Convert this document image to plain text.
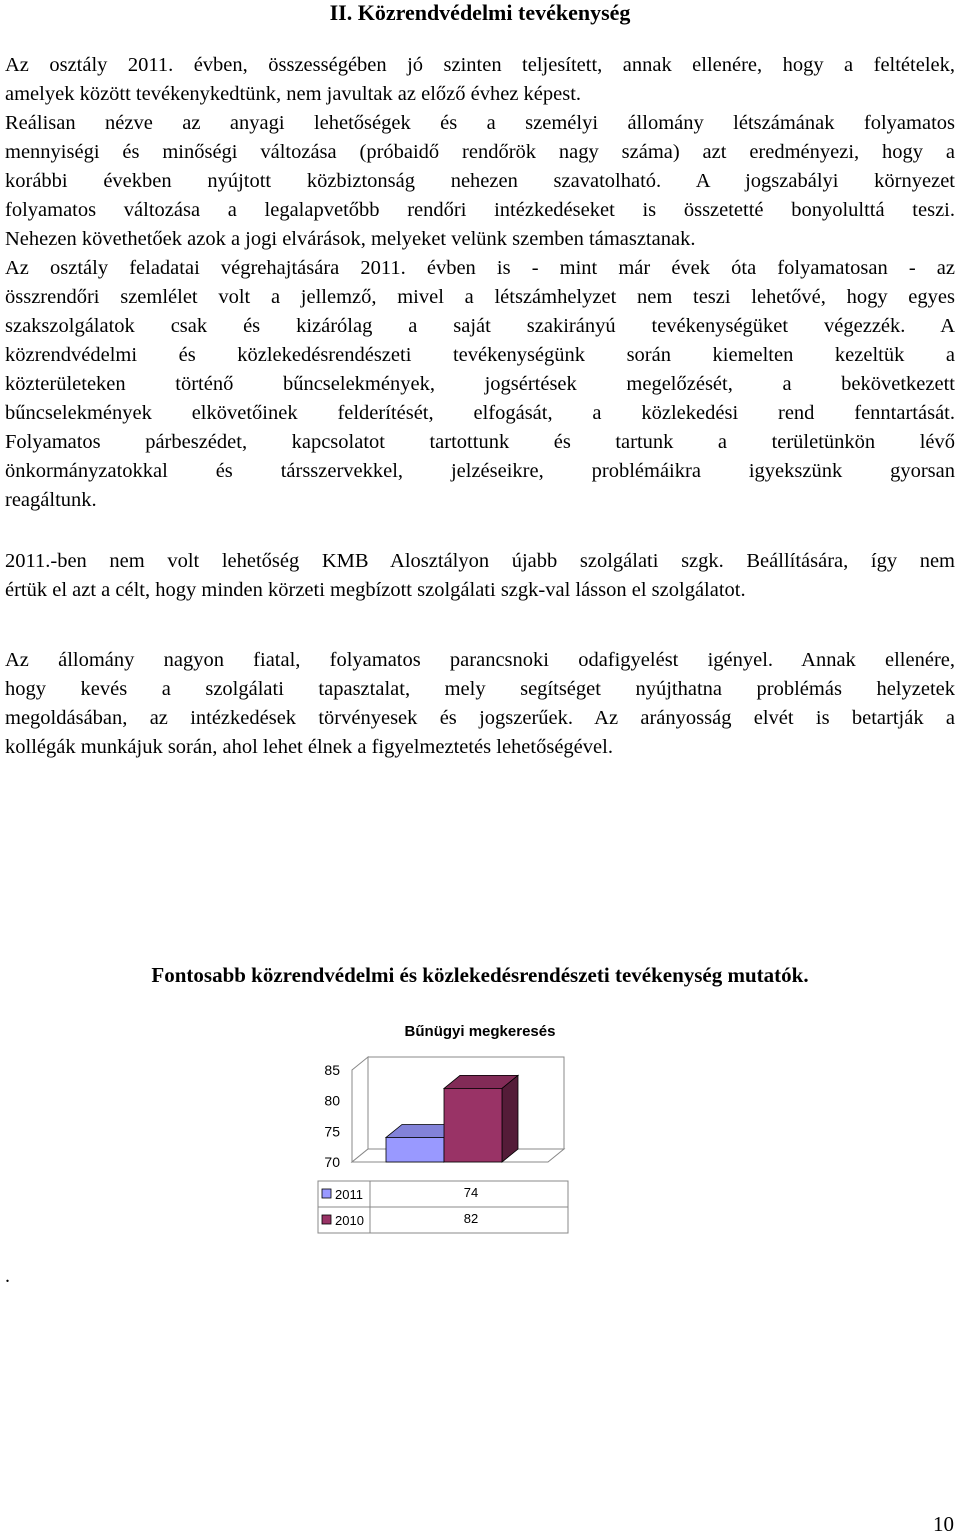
II. Közrendvédelmi tevékenység
Az osztály 2011. évben, összességében jó szinten teljesített, annak ellenére, hogy a feltételek,
amelyek között tevékenykedtünk, nem javultak az előző évhez képest.
Reálisan nézve az anyagi lehetőségek és a személyi állomány létszámának folyamatos
mennyiségi és minőségi változása (próbaidő rendőrök nagy száma) azt eredményezi, hogy a
korábbi években nyújtott közbiztonság nehezen szavatolható. A jogszabályi környezet
folyamatos változása a legalapvetőbb rendőri intézkedéseket is összetetté bonyolulttá teszi.
Nehezen követhetőek azok a jogi elvárások, melyeket velünk szemben támasztanak.
Az osztály feladatai végrehajtására 2011. évben is - mint már évek óta folyamatosan - az
összrendőri szemlélet volt a jellemző, mivel a létszámhelyzet nem teszi lehetővé, hogy egyes
szakszolgálatok csak és kizárólag a saját szakirányú tevékenységüket végezzék. A
közrendvédelmi és közlekedésrendészeti tevékenységünk során kiemelten kezeltük a
közterületeken történő bűncselekmények, jogsértések megelőzését, a bekövetkezett
bűncselekmények elkövetőinek felderítését, elfogását, a közlekedési rend fenntartását.
Folyamatos párbeszédet, kapcsolatot tartottunk és tartunk a területünkön lévő
önkormányzatokkal és társszervekkel, jelzéseikre, problémáikra igyekszünk gyorsan
reagáltunk.
2011.-ben nem volt lehetőség KMB Alosztályon újabb szolgálati szgk. Beállítására, így nem
értük el azt a célt, hogy minden körzeti megbízott szolgálati szgk-val lásson el szolgálatot.
Az állomány nagyon fiatal, folyamatos parancsnoki odafigyelést igényel. Annak ellenére,
hogy kevés a szolgálati tapasztalat, mely segítséget nyújthatna problémás helyzetek
megoldásában, az intézkedések törvényesek és jogszerűek. Az arányosság elvét is betartják a
kollégák munkájuk során, ahol lehet élnek a figyelmeztetés lehetőségével.
Fontosabb közrendvédelmi és közlekedésrendészeti tevékenység mutatók.
Bűnügyi megkeresés
85
80
75
70
2011	74
2010	82
.
10
